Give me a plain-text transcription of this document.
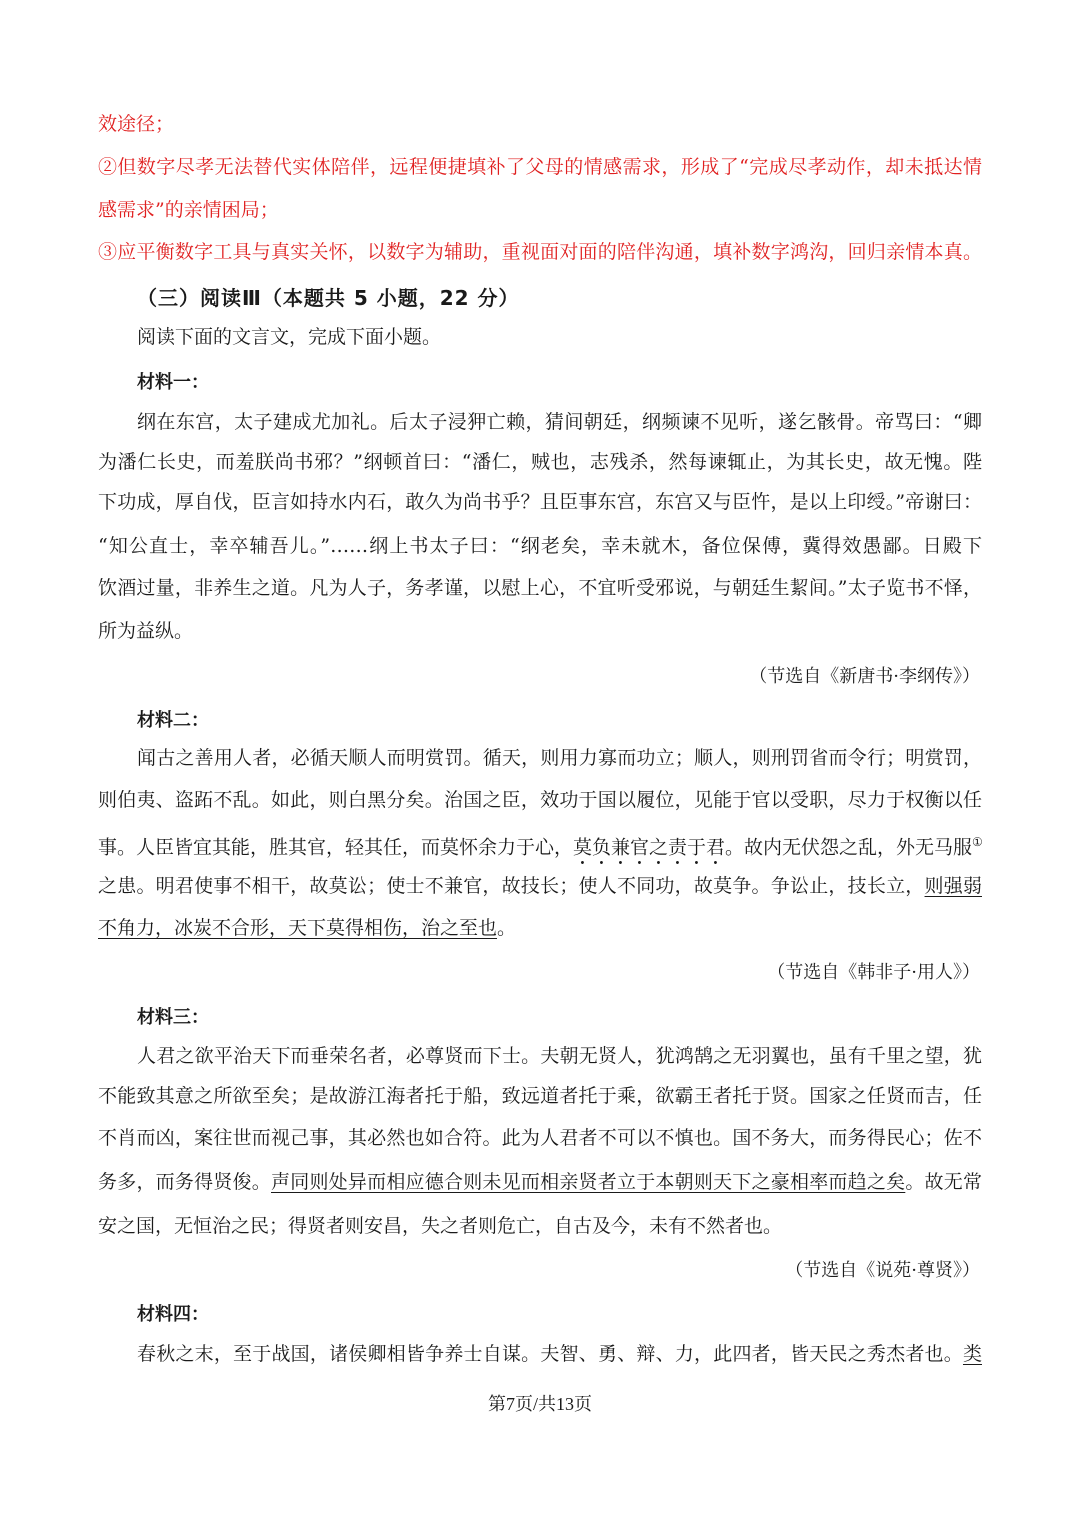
效途径；
②但数字尽孝无法替代实体陪伴，远程便捷填补了父母的情感需求，形成了“完成尽孝动作，却未抵达情
感需求”的亲情困局；
③应平衡数字工具与真实关怀，以数字为辅助，重视面对面的陪伴沟通，填补数字鸿沟，回归亲情本真。
（三）阅读Ⅲ（本题共 5 小题，22 分）
阅读下面的文言文，完成下面小题。
材料一：
纲在东宫，太子建成尤加礼。后太子浸狎亡赖，猜间朝廷，纲频谏不见听，遂乞骸骨。帝骂曰：“卿
为潘仁长史，而羞朕尚书邪？”纲顿首曰：“潘仁，贼也，志残杀，然每谏辄止，为其长史，故无愧。陛
下功成，厚自伐，臣言如持水内石，敢久为尚书乎？且臣事东宫，东宫又与臣忤，是以上印绶。”帝谢曰：
“知公直士，幸卒辅吾儿。”……纲上书太子曰：“纲老矣，幸未就木，备位保傅，冀得效愚鄙。日殿下
饮酒过量，非养生之道。凡为人子，务孝谨，以慰上心，不宜听受邪说，与朝廷生絜间。”太子览书不怿，
所为益纵。
（节选自《新唐书·李纲传》）
材料二：
闻古之善用人者，必循天顺人而明赏罚。循天，则用力寡而功立；顺人，则刑罚省而令行；明赏罚，
则伯夷、盗跖不乱。如此，则白黑分矣。治国之臣，效功于国以履位，见能于官以受职，尽力于权衡以任
事。人臣皆宜其能，胜其官，轻其任，而莫怀余力于心，莫负兼官之责于君。故内无伏怨之乱，外无马服①
之患。明君使事不相干，故莫讼；使士不兼官，故技长；使人不同功，故莫争。争讼止，技长立，则强弱
不角力，冰炭不合形，天下莫得相伤，治之至也。
（节选自《韩非子·用人》）
材料三：
人君之欲平治天下而垂荣名者，必尊贤而下士。夫朝无贤人，犹鸿鹄之无羽翼也，虽有千里之望，犹
不能致其意之所欲至矣；是故游江海者托于船，致远道者托于乘，欲霸王者托于贤。国家之任贤而吉，任
不肖而凶，案往世而视己事，其必然也如合符。此为人君者不可以不慎也。国不务大，而务得民心；佐不
务多，而务得贤俊。声同则处异而相应德合则未见而相亲贤者立于本朝则天下之豪相率而趋之矣。故无常
安之国，无恒治之民；得贤者则安昌，失之者则危亡，自古及今，未有不然者也。
（节选自《说苑·尊贤》）
材料四：
春秋之末，至于战国，诸侯卿相皆争养士自谋。夫智、勇、辩、力，此四者，皆天民之秀杰者也。类
第7页/共13页
